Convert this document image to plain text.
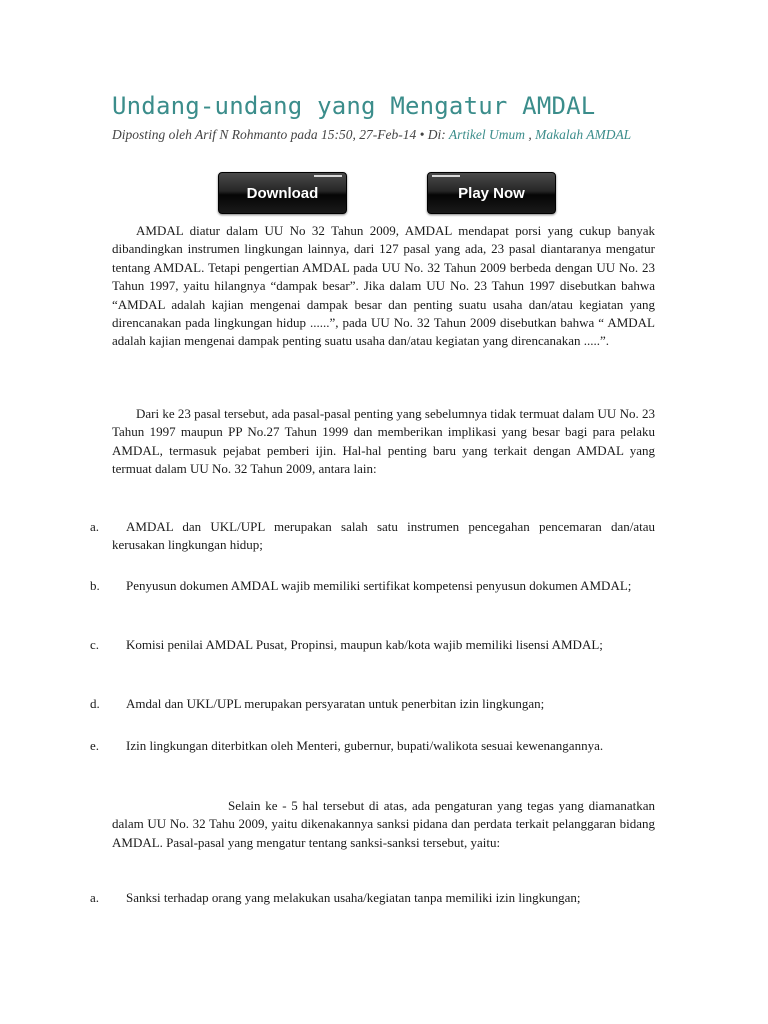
Undang-undang yang Mengatur AMDAL
Diposting oleh Arif N Rohmanto pada 15:50, 27-Feb-14 • Di: Artikel Umum , Makalah AMDAL
Download	Play Now

AMDAL diatur dalam UU No 32 Tahun 2009, AMDAL mendapat porsi yang cukup banyak dibandingkan instrumen lingkungan lainnya, dari 127 pasal yang ada, 23 pasal diantaranya mengatur tentang AMDAL. Tetapi pengertian AMDAL pada UU No. 32 Tahun 2009 berbeda dengan UU No. 23 Tahun 1997, yaitu hilangnya “dampak besar”. Jika dalam UU No. 23 Tahun 1997 disebutkan bahwa “AMDAL adalah kajian mengenai dampak besar dan penting suatu usaha dan/atau kegiatan yang direncanakan pada lingkungan hidup ......”, pada UU No. 32 Tahun 2009 disebutkan bahwa “ AMDAL adalah kajian mengenai dampak penting suatu usaha dan/atau kegiatan yang direncanakan .....”.

Dari ke 23 pasal tersebut, ada pasal-pasal penting yang sebelumnya tidak termuat dalam UU No. 23 Tahun 1997 maupun PP No.27 Tahun 1999 dan memberikan implikasi yang besar bagi para pelaku AMDAL, termasuk pejabat pemberi ijin. Hal-hal penting baru yang terkait dengan AMDAL yang termuat dalam UU No. 32 Tahun 2009, antara lain:

a.	AMDAL dan UKL/UPL merupakan salah satu instrumen pencegahan pencemaran dan/atau kerusakan lingkungan hidup;
b.	Penyusun dokumen AMDAL wajib memiliki sertifikat kompetensi penyusun dokumen AMDAL;
c.	Komisi penilai AMDAL Pusat, Propinsi, maupun kab/kota wajib memiliki lisensi AMDAL;
d.	Amdal dan UKL/UPL merupakan persyaratan untuk penerbitan izin lingkungan;
e.	Izin lingkungan diterbitkan oleh Menteri, gubernur, bupati/walikota sesuai kewenangannya.

Selain ke - 5 hal tersebut di atas, ada pengaturan yang tegas yang diamanatkan dalam UU No. 32 Tahu 2009, yaitu dikenakannya sanksi pidana dan perdata terkait pelanggaran bidang AMDAL. Pasal-pasal yang mengatur tentang sanksi-sanksi tersebut, yaitu:

a.	Sanksi terhadap orang yang melakukan usaha/kegiatan tanpa memiliki izin lingkungan;
